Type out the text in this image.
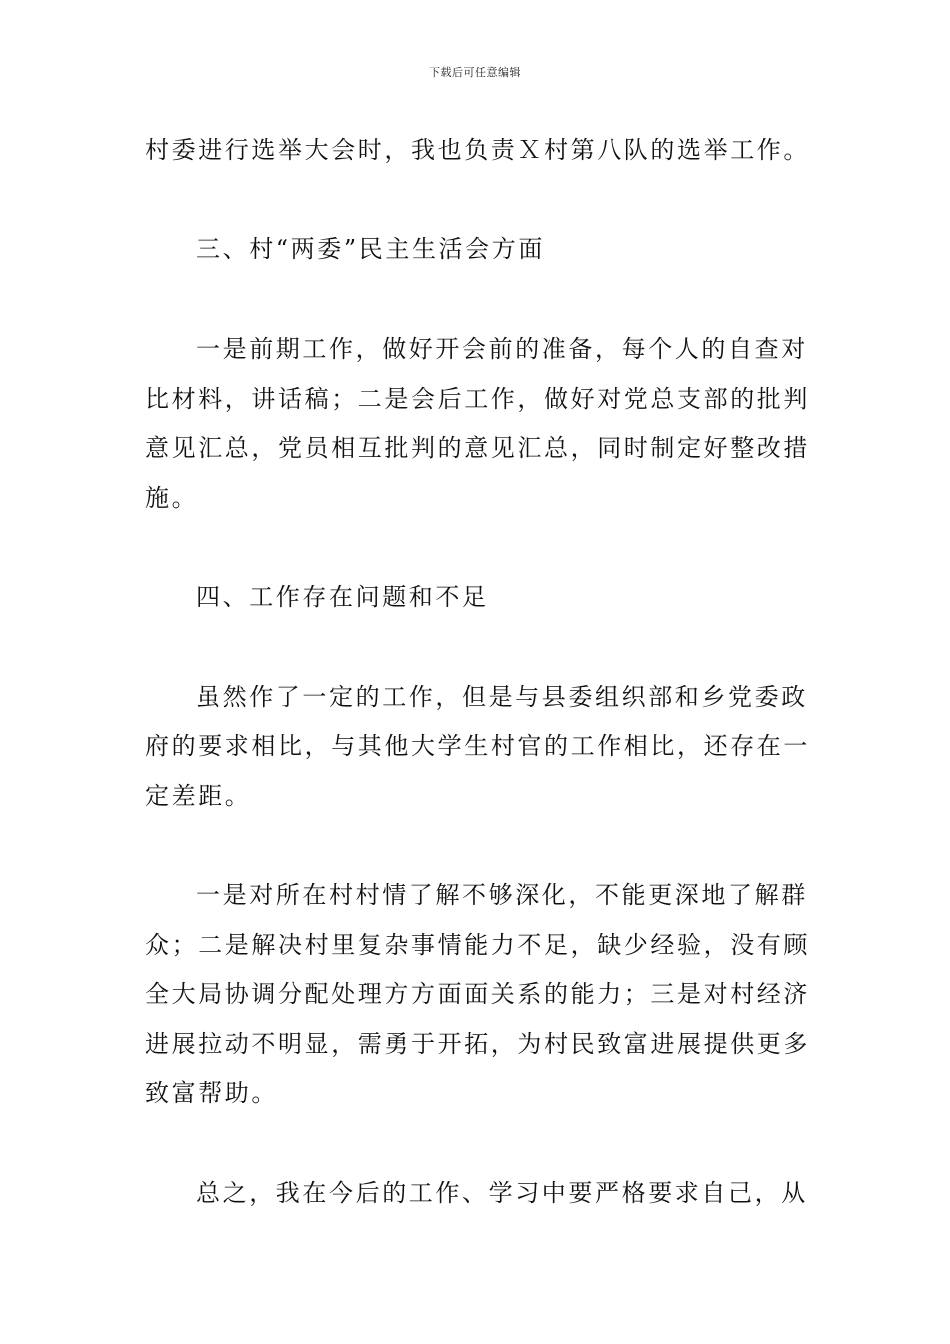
下载后可任意编辑
村委进行选举大会时，我也负责Ｘ村第八队的选举工作。
三、村“两委”民主生活会方面
一是前期工作，做好开会前的准备，每个人的自查对
比材料，讲话稿；二是会后工作，做好对党总支部的批判
意见汇总，党员相互批判的意见汇总，同时制定好整改措
施。
四、工作存在问题和不足
虽然作了一定的工作，但是与县委组织部和乡党委政
府的要求相比，与其他大学生村官的工作相比，还存在一
定差距。
一是对所在村村情了解不够深化，不能更深地了解群
众；二是解决村里复杂事情能力不足，缺少经验，没有顾
全大局协调分配处理方方面面关系的能力；三是对村经济
进展拉动不明显，需勇于开拓，为村民致富进展提供更多
致富帮助。
总之，我在今后的工作、学习中要严格要求自己，从
